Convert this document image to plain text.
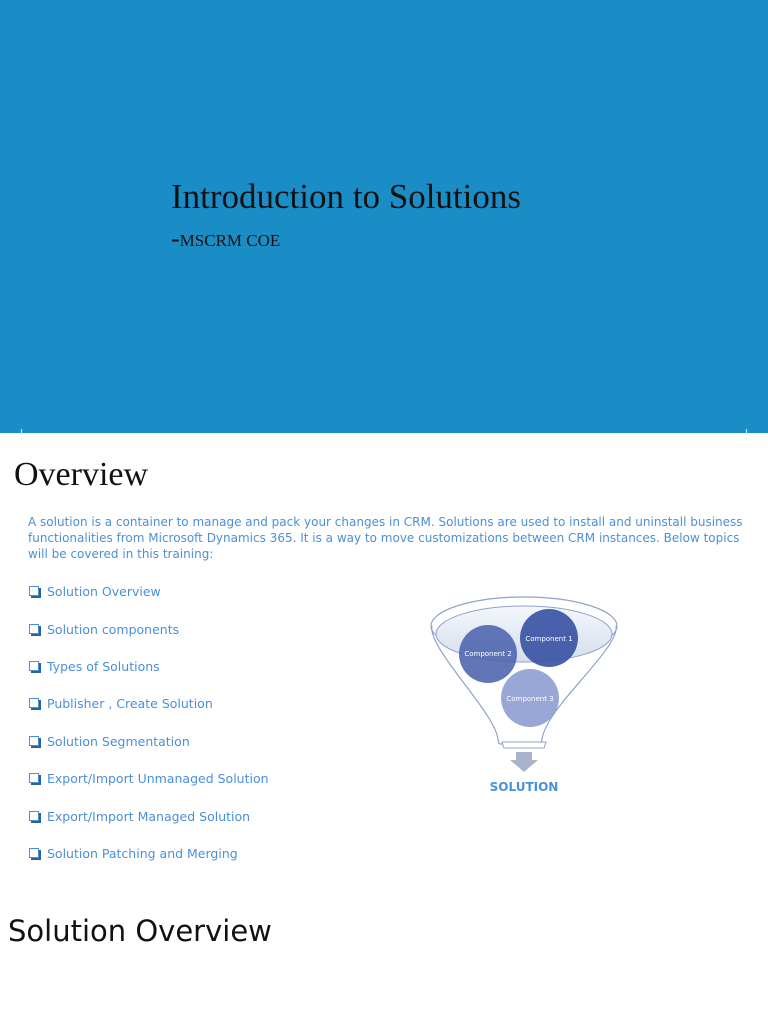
Introduction to Solutions
-MSCRM COE
Overview

A solution is a container to manage and pack your changes in CRM. Solutions are used to install and uninstall business functionalities from Microsoft Dynamics 365. It is a way to move customizations between CRM instances. Below topics will be covered in this training:

Solution Overview
Solution components
Types of Solutions
Publisher , Create Solution
Solution Segmentation
Export/Import Unmanaged Solution
Export/Import Managed Solution
Solution Patching and Merging
Component 1
Component 2
Component 3
SOLUTION
Solution Overview
